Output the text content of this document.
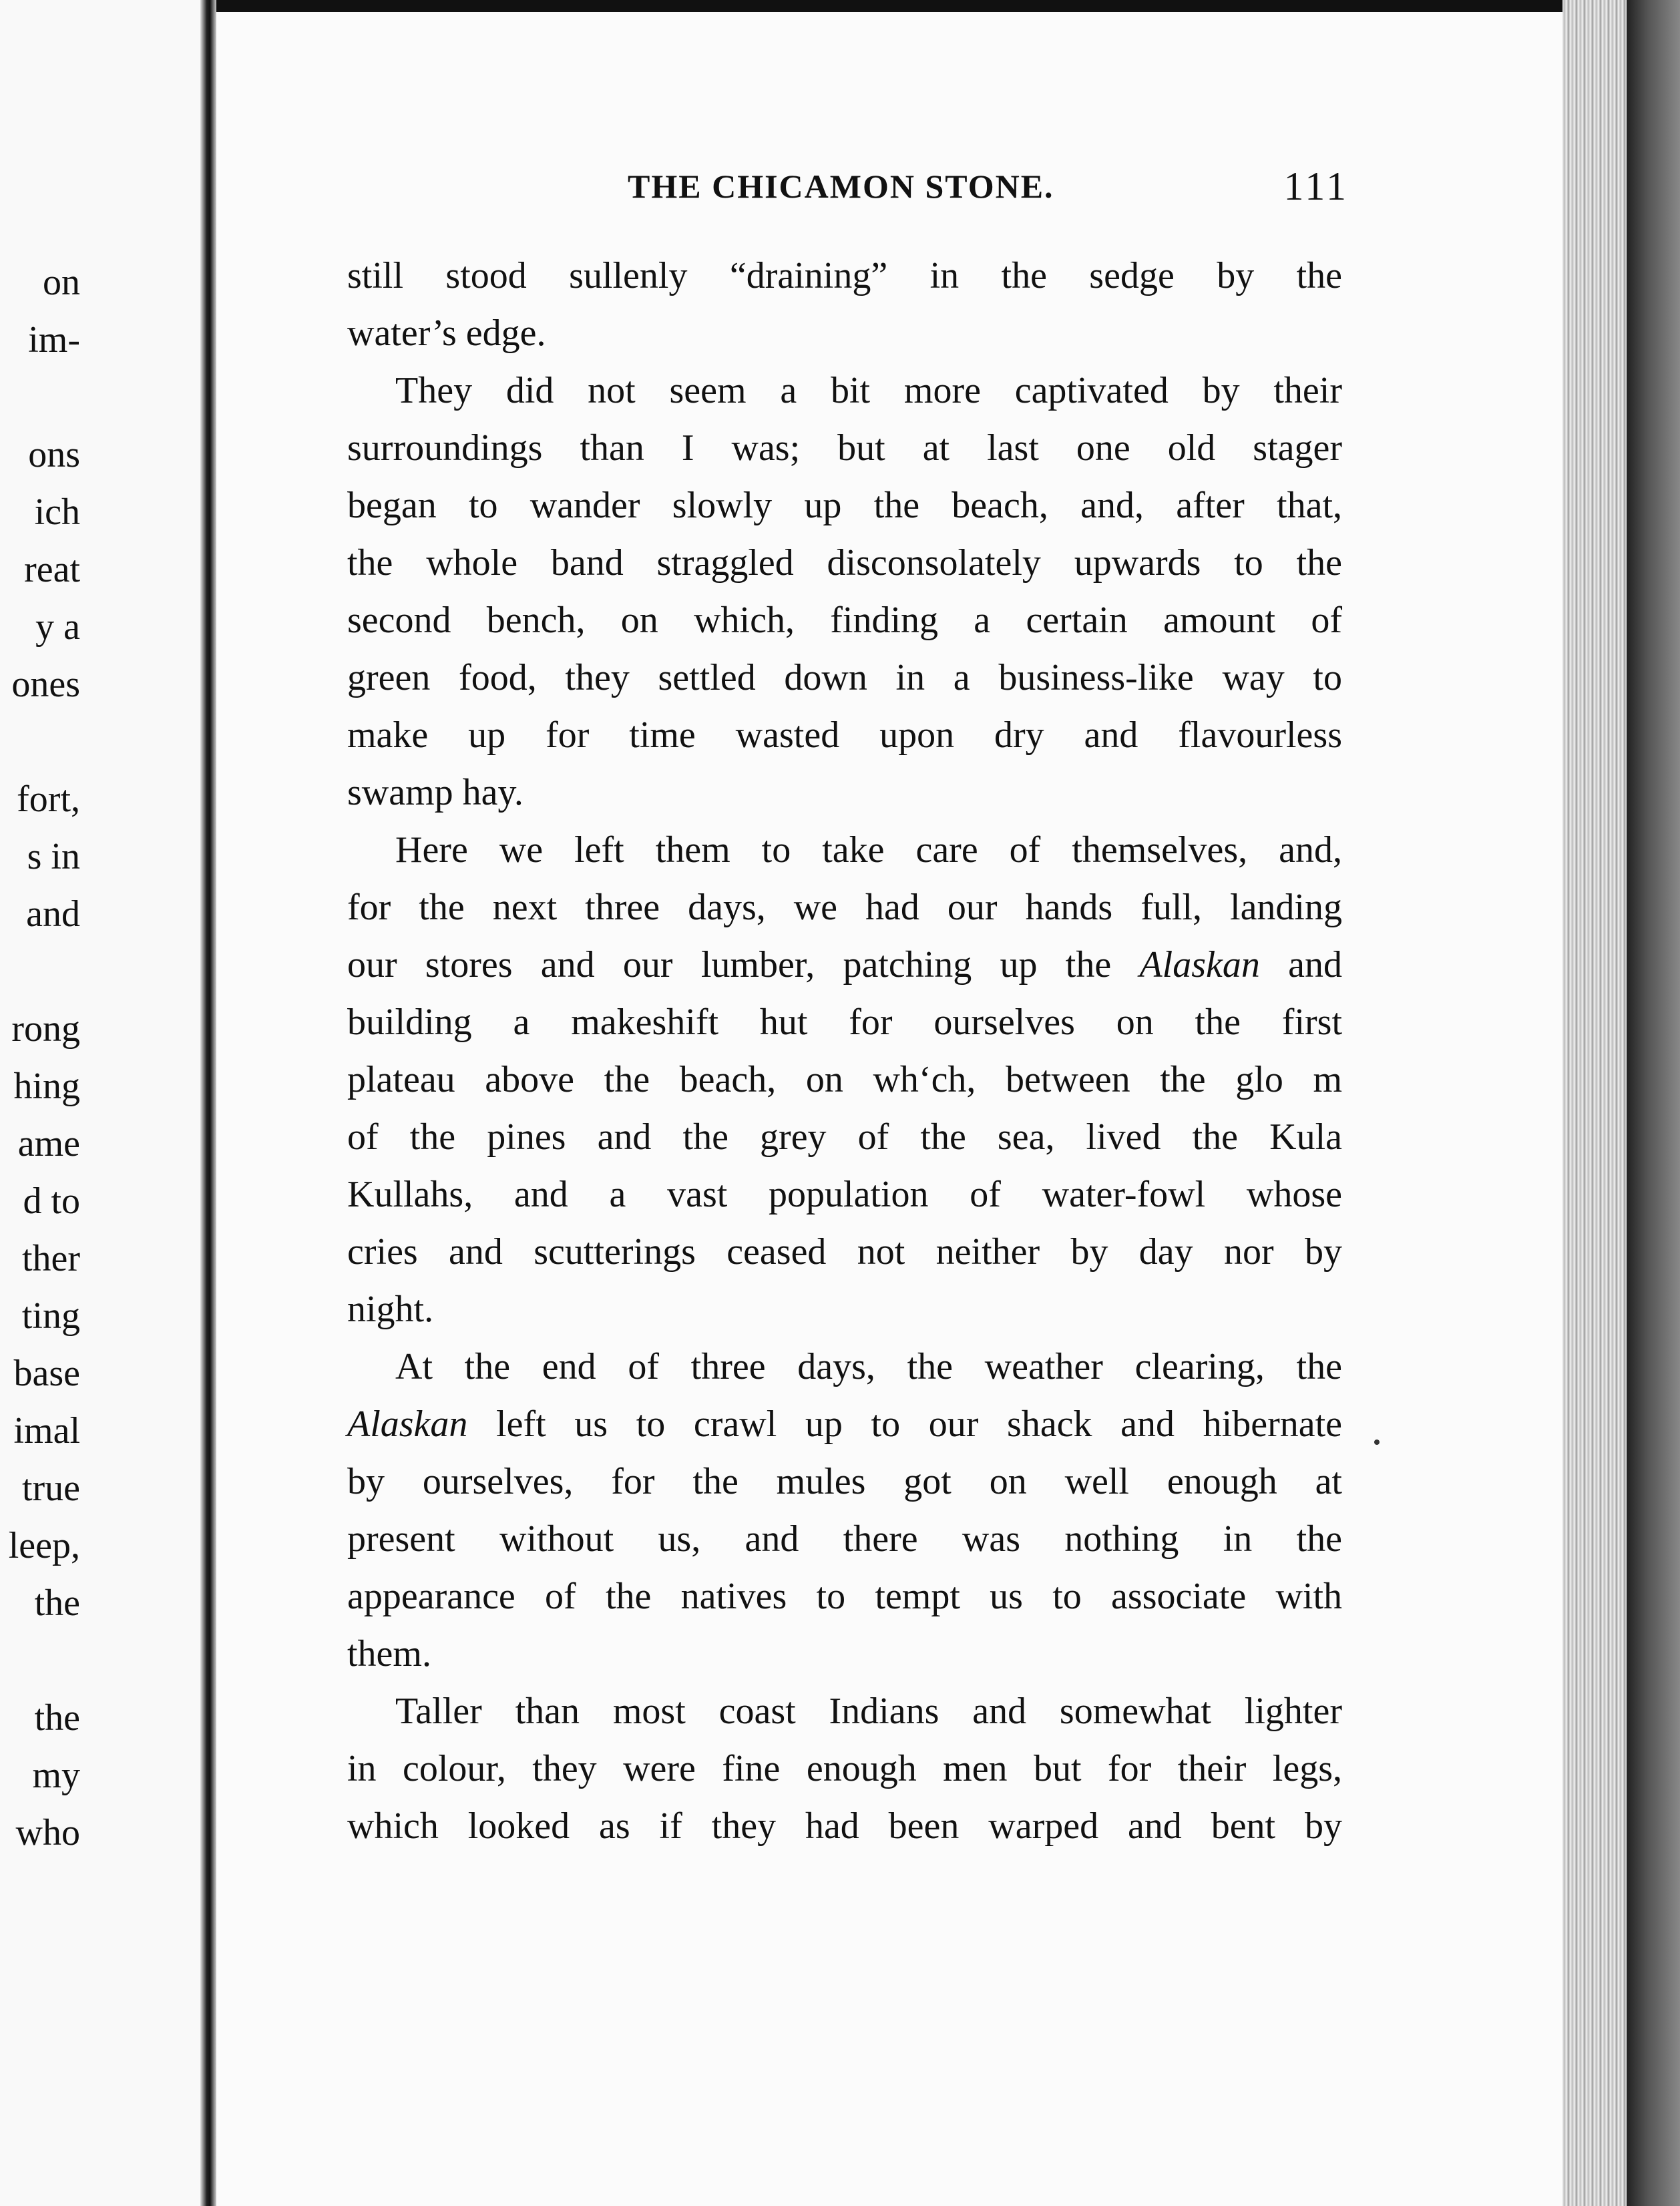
on
im-
ons
ich
reat
y a
ones
fort,
s in
and
rong
hing
ame
d to
ther
ting
base
imal
true
leep,
the
the
my
who
THE CHICAMON STONE.	111
still stood sullenly “draining” in the sedge by the
water’s edge.
They did not seem a bit more captivated by their
surroundings than I was; but at last one old stager
began to wander slowly up the beach, and, after that,
the whole band straggled disconsolately upwards to the
second bench, on which, finding a certain amount of
green food, they settled down in a business-like way to
make up for time wasted upon dry and flavourless
swamp hay.
Here we left them to take care of themselves, and,
for the next three days, we had our hands full, landing
our stores and our lumber, patching up the Alaskan and
building a makeshift hut for ourselves on the first
plateau above the beach, on whʻch, between the glo m
of the pines and the grey of the sea, lived the Kula
Kullahs, and a vast population of water-fowl whose
cries and scutterings ceased not neither by day nor by
night.
At the end of three days, the weather clearing, the
Alaskan left us to crawl up to our shack and hibernate
by ourselves, for the mules got on well enough at
present without us, and there was nothing in the
appearance of the natives to tempt us to associate with
them.
Taller than most coast Indians and somewhat lighter
in colour, they were fine enough men but for their legs,
which looked as if they had been warped and bent by
